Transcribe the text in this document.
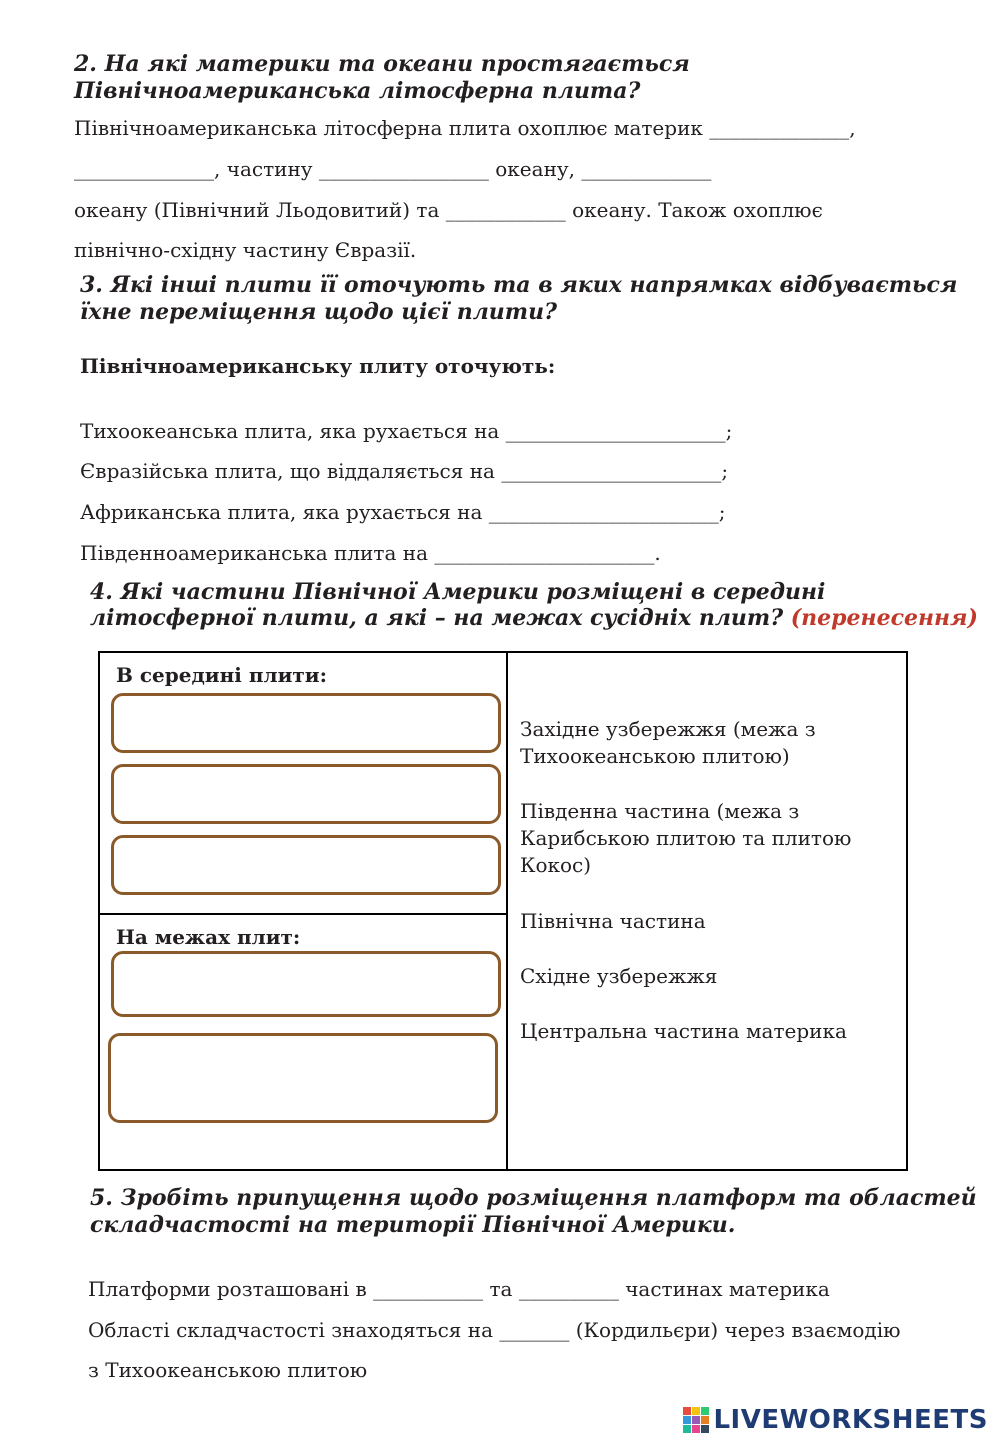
2. На які материки та океани простягається
Північноамериканська літосферна плита?
Північноамериканська літосферна плита охоплює материк ______________,
______________, частину _________________ океану, _____________
океану (Північний Льодовитий) та ____________ океану. Також охоплює
північно-східну частину Євразії.
3. Які інші плити її оточують та в яких напрямках відбувається
їхне переміщення щодо цієї плити?
Північноамериканську плиту оточують:
Тихоокеанська плита, яка рухається на ______________________;
Євразійська плита, що віддаляється на ______________________;
Африканська плита, яка рухається на _______________________;
Південноамериканська плита на ______________________.
4. Які частини Північної Америки розміщені в середині
літосферної плити, а які – на межах сусідніх плит? (перенесення)
В середині плити:
На межах плит:
Західне узбережжя (межа з Тихоокеанською плитою)
Південна частина (межа з Карибською плитою та плитою Кокос)
Північна частина
Східне узбережжя
Центральна частина материка
5. Зробіть припущення щодо розміщення платформ та областей
складчастості на території Північної Америки.
Платформи розташовані в ___________ та __________ частинах материка
Області складчастості знаходяться на _______ (Кордильєри) через взаємодію
з Тихоокеанською плитою
LIVEWORKSHEETS
